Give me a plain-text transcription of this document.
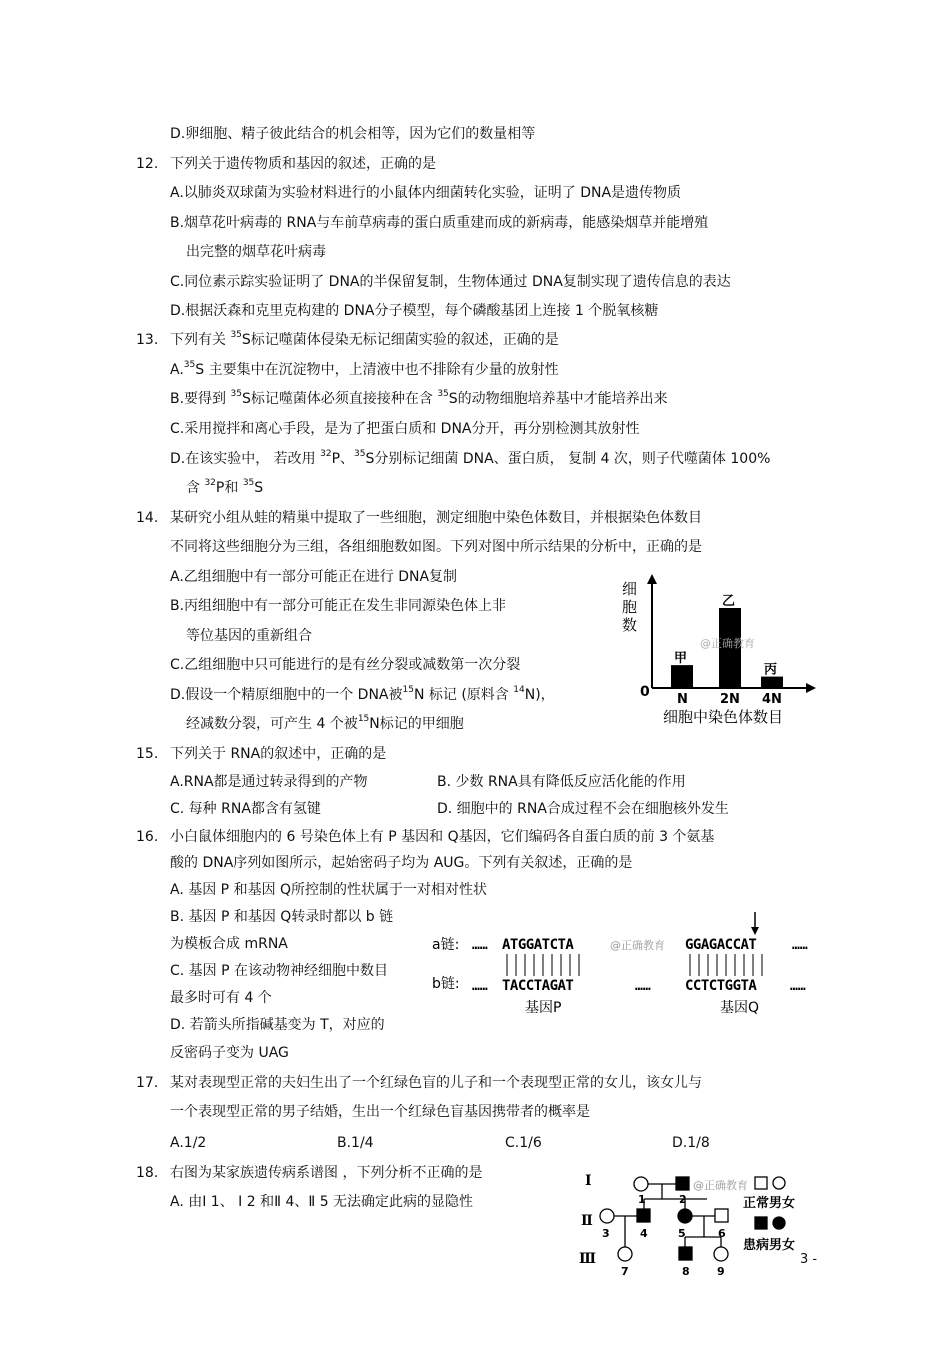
D.卵细胞、精子彼此结合的机会相等，因为它们的数量相等
12. 下列关于遗传物质和基因的叙述，正确的是
A.以肺炎双球菌为实验材料进行的小鼠体内细菌转化实验，证明了 DNA是遗传物质
B.烟草花叶病毒的 RNA与车前草病毒的蛋白质重建而成的新病毒，能感染烟草并能增殖
出完整的烟草花叶病毒
C.同位素示踪实验证明了 DNA的半保留复制，生物体通过 DNA复制实现了遗传信息的表达
D.根据沃森和克里克构建的 DNA分子模型，每个磷酸基团上连接 1 个脱氧核糖
13. 下列有关 $^{35}$S标记噬菌体侵染无标记细菌实验的叙述，正确的是
A.$^{35}$S 主要集中在沉淀物中，上清液中也不排除有少量的放射性
B.要得到 $^{35}$S标记噬菌体必须直接接种在含 $^{35}$S的动物细胞培养基中才能培养出来
C.采用搅拌和离心手段，是为了把蛋白质和 DNA分开，再分别检测其放射性
D.在该实验中， 若改用 $^{32}$P、$^{35}$S分别标记细菌 DNA、蛋白质， 复制 4 次，则子代噬菌体 100%
含 $^{32}$P和 $^{35}$S
14. 某研究小组从蛙的精巢中提取了一些细胞，测定细胞中染色体数目，并根据染色体数目
不同将这些细胞分为三组，各组细胞数如图。下列对图中所示结果的分析中，正确的是
A.乙组细胞中有一部分可能正在进行 DNA复制
B.丙组细胞中有一部分可能正在发生非同源染色体上非
等位基因的重新组合
C.乙组细胞中只可能进行的是有丝分裂或减数第一次分裂
D.假设一个精原细胞中的一个 DNA被$^{15}$N 标记 (原料含 $^{14}$N)，
经减数分裂，可产生 4 个被$^{15}$N标记的甲细胞
细
胞
数
0
甲
N
乙
2N
丙
4N
@正确教育
细胞中染色体数目
15. 下列关于 RNA的叙述中，正确的是
A.RNA都是通过转录得到的产物	B. 少数 RNA具有降低反应活化能的作用
C. 每种 RNA都含有氢键	D. 细胞中的 RNA合成过程不会在细胞核外发生
16. 小白鼠体细胞内的 6 号染色体上有 P 基因和 Q基因，它们编码各自蛋白质的前 3 个氨基
酸的 DNA序列如图所示，起始密码子均为 AUG。下列有关叙述，正确的是
A. 基因 P 和基因 Q所控制的性状属于一对相对性状
B. 基因 P 和基因 Q转录时都以 b 链
为模板合成 mRNA
C. 基因 P 在该动物神经细胞中数目
最多时可有 4 个
D. 若箭头所指碱基变为 T，对应的
反密码子变为 UAG
a链:
b链:
……
……
ATGGATCTA
TACCTAGAT
@正确教育
……
GGAGACCAT
CCTCTGGTA
……
……
基因P	基因Q
17. 某对表现型正常的夫妇生出了一个红绿色盲的儿子和一个表现型正常的女儿，该女儿与
一个表现型正常的男子结婚，生出一个红绿色盲基因携带者的概率是
A.1/2	B.1/4	C.1/6	D.1/8
18. 右图为某家族遗传病系谱图 ，下列分析不正确的是
A. 由Ⅰ 1、 Ⅰ 2 和Ⅱ 4、Ⅱ 5 无法确定此病的显隐性
Ⅰ
Ⅱ
Ⅲ
1	2
3	4	5	6
7	8 9
@正确教育
正常男女
患病男女
3 -
